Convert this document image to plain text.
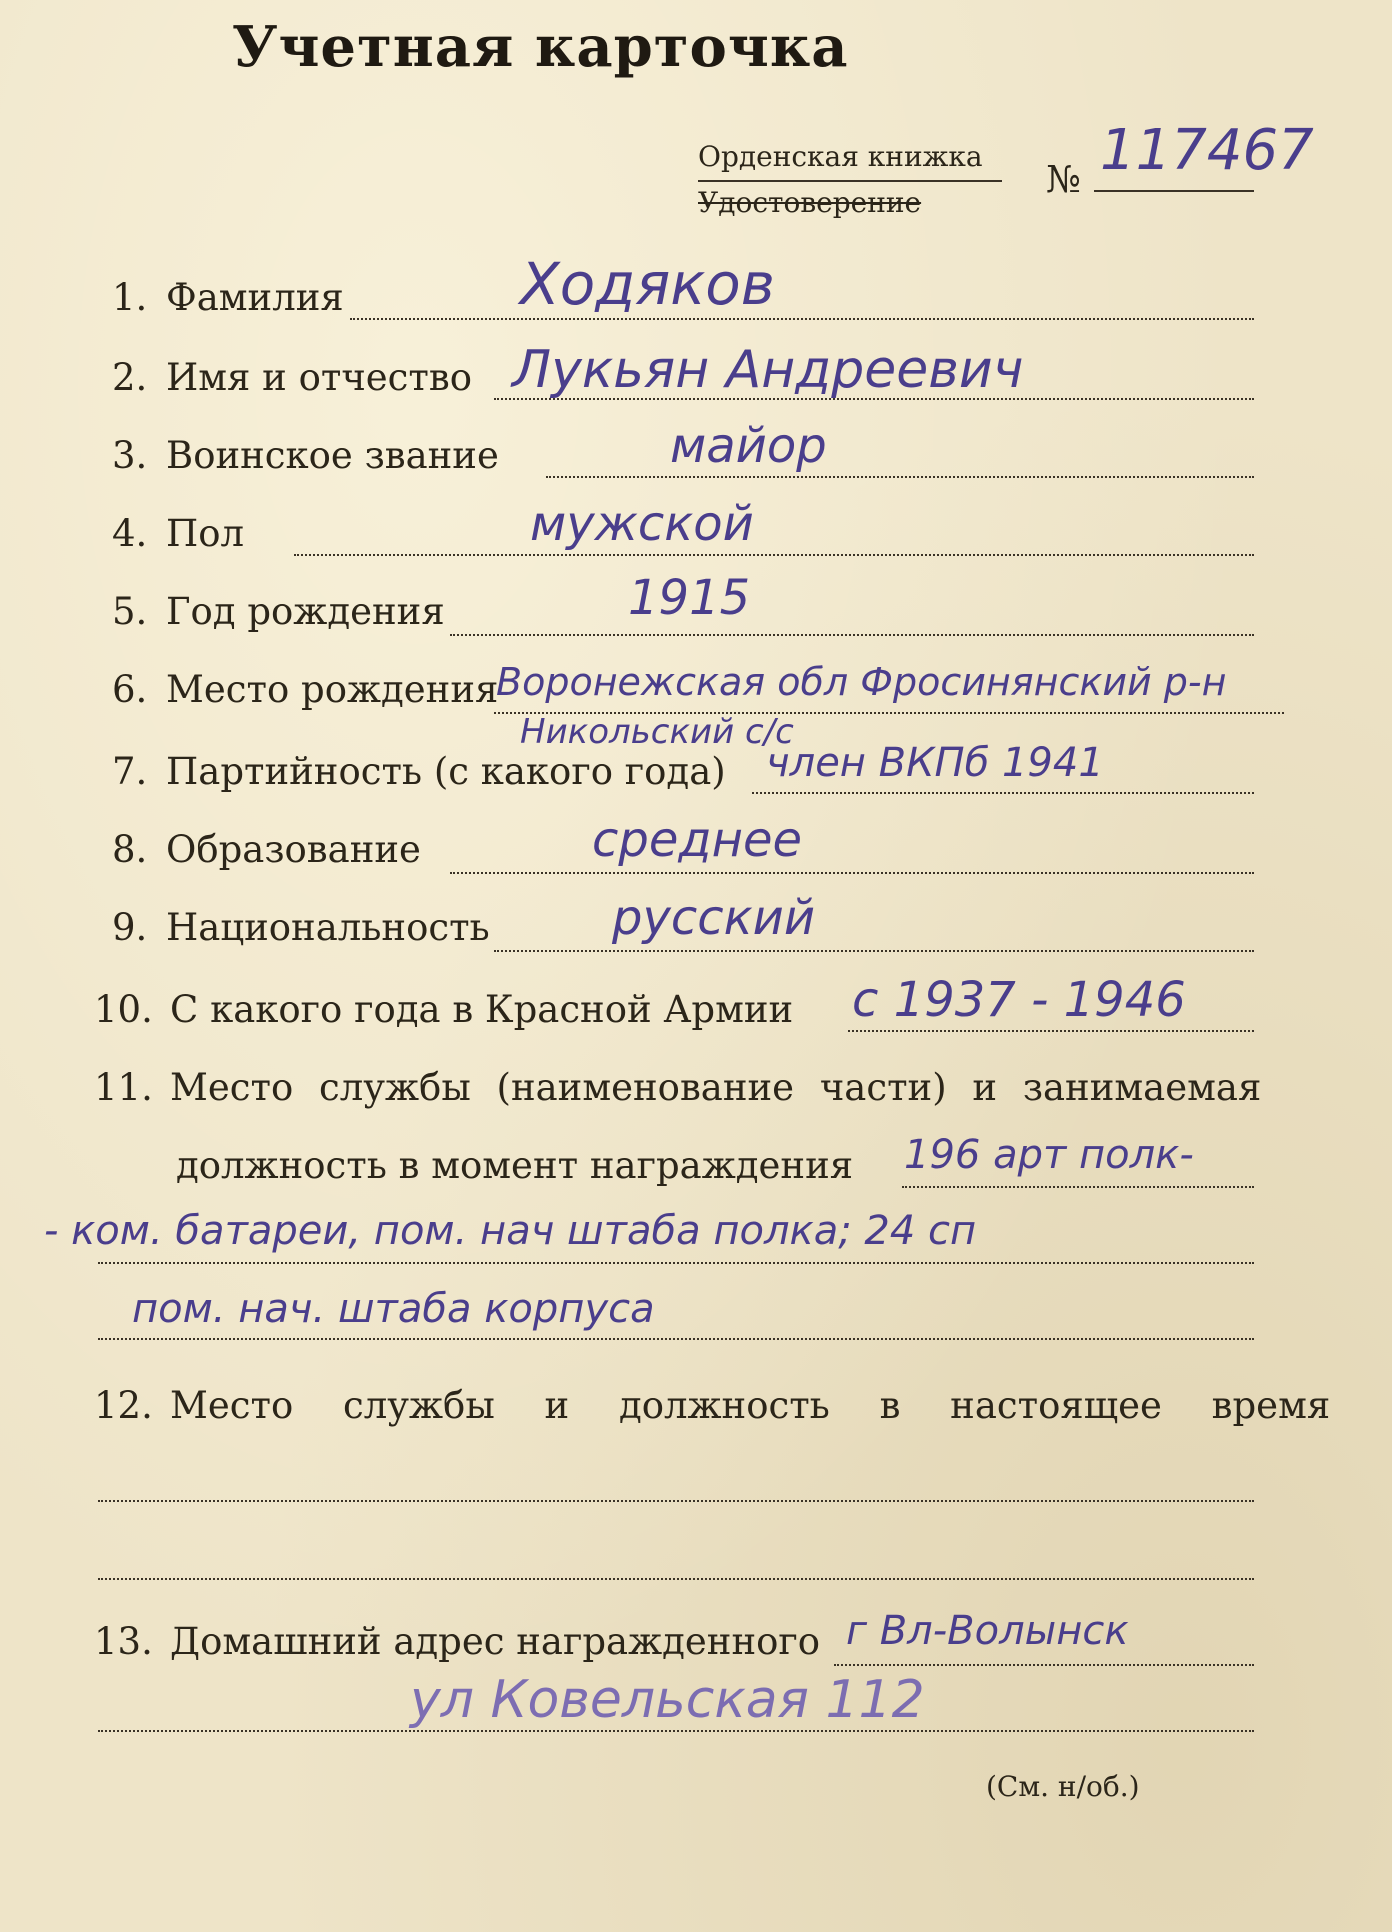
Учетная карточка
Орденская книжка
Удостоверение
№ 117467
1. Фамилия	Ходяков
2. Имя и отчество Лукьян Андреевич
3. Воинское звание	майор
4. Пол	мужской
5. Год рождения	1915
6. Место рождения
Воронежская обл Фросинянский р-н
Никольский с/с
7. Партийность (с какого года) член ВКПб 1941
8. Образование	среднее
9. Национальность	русский
10. С какого года в Красной Армии с 1937 - 1946
11. Место службы (наименование части) и занимаемая
должность в момент награждения 196 арт полк-
- ком. батареи, пом. нач штаба полка; 24 сп
пом. нач. штаба корпуса
12. Место службы и должность в настоящее время
13. Домашний адрес награжденного г Вл-Волынск
ул Ковельская 112
(См. н/об.)
